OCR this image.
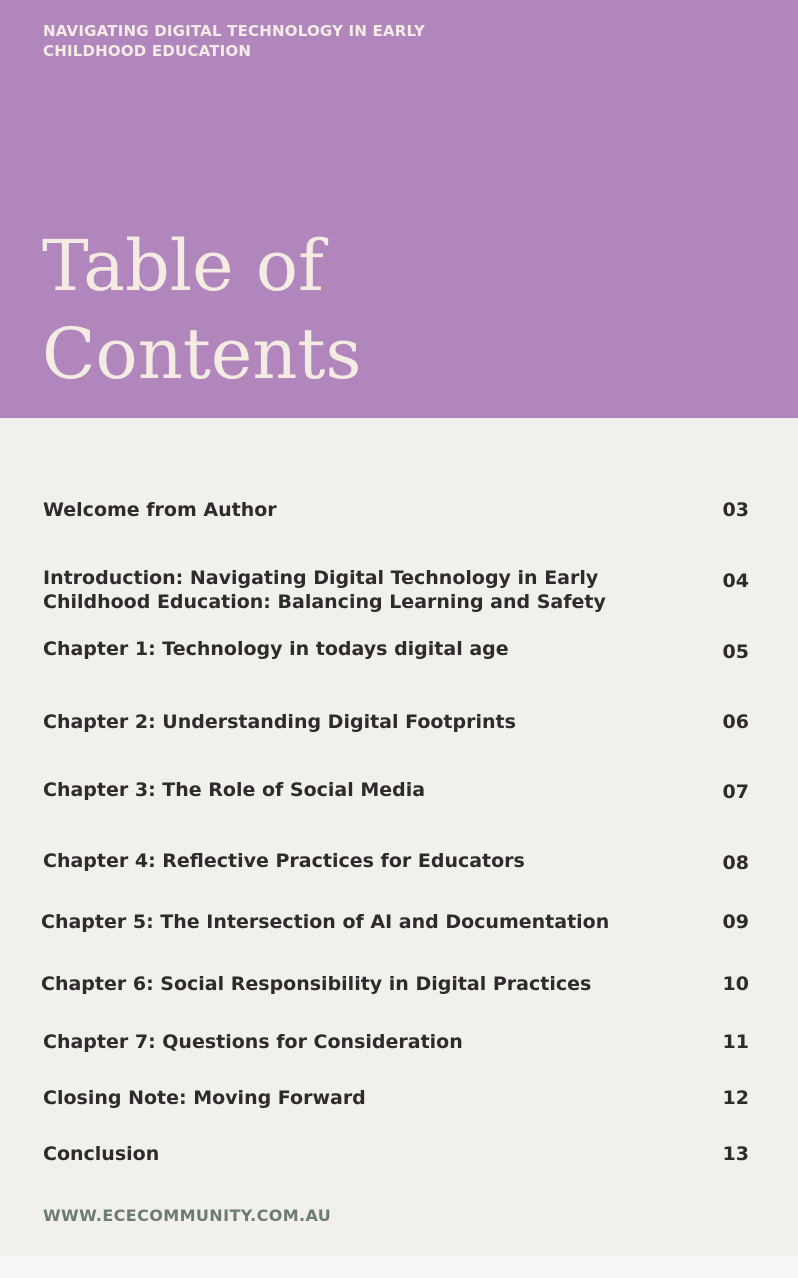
NAVIGATING DIGITAL TECHNOLOGY IN EARLY
CHILDHOOD EDUCATION
Table of
Contents
Welcome from Author	03
Introduction: Navigating Digital Technology in Early
Childhood Education: Balancing Learning and Safety
04
Chapter 1: Technology in todays digital age	05
Chapter 2: Understanding Digital Footprints	06
Chapter 3: The Role of Social Media	07
Chapter 4: Reflective Practices for Educators	08
Chapter 5: The Intersection of AI and Documentation	09
Chapter 6: Social Responsibility in Digital Practices	10
Chapter 7: Questions for Consideration	11
Closing Note: Moving Forward	12
Conclusion	13
WWW.ECECOMMUNITY.COM.AU
